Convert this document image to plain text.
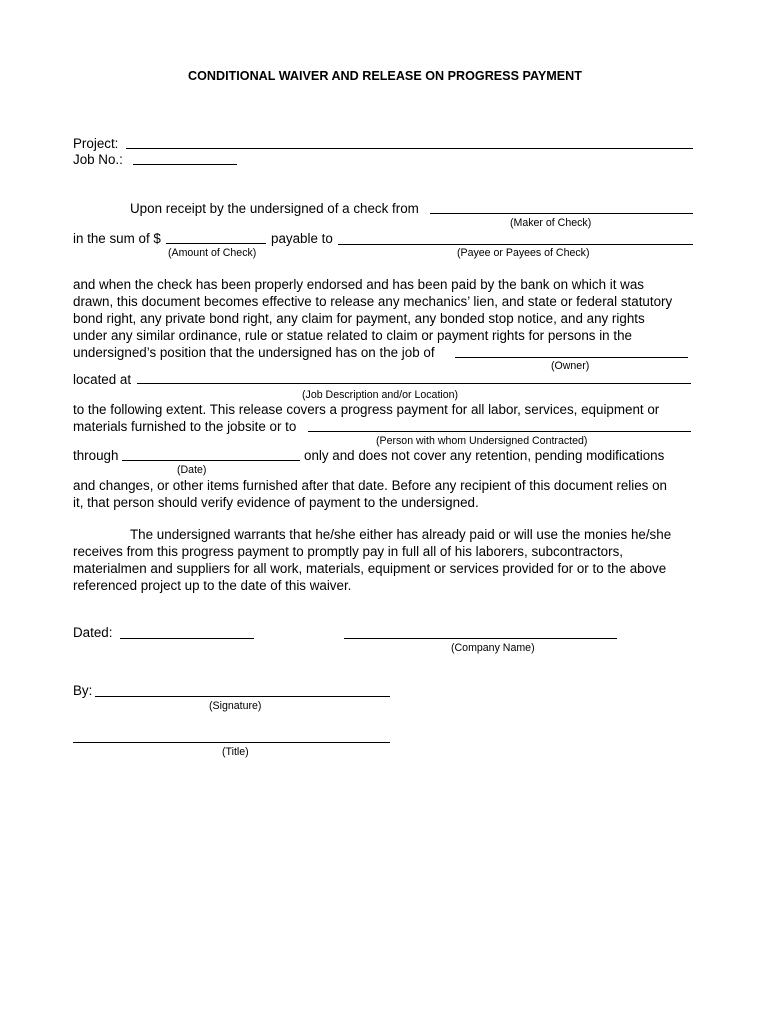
CONDITIONAL WAIVER AND RELEASE ON PROGRESS PAYMENT
Project:
Job No.:
Upon receipt by the undersigned of a check from
(Maker of Check)
in the sum of $	payable to
(Amount of Check)	(Payee or Payees of Check)
and when the check has been properly endorsed and has been paid by the bank on which it was
drawn, this document becomes effective to release any mechanics’ lien, and state or federal statutory
bond right, any private bond right, any claim for payment, any bonded stop notice, and any rights
under any similar ordinance, rule or statue related to claim or payment rights for persons in the
undersigned’s position that the undersigned has on the job of
(Owner)
located at
(Job Description and/or Location)
to the following extent. This release covers a progress payment for all labor, services, equipment or
materials furnished to the jobsite or to
(Person with whom Undersigned Contracted)
through	only and does not cover any retention, pending modifications
(Date)
and changes, or other items furnished after that date. Before any recipient of this document relies on
it, that person should verify evidence of payment to the undersigned.
The undersigned warrants that he/she either has already paid or will use the monies he/she
receives from this progress payment to promptly pay in full all of his laborers, subcontractors,
materialmen and suppliers for all work, materials, equipment or services provided for or to the above
referenced project up to the date of this waiver.
Dated:
(Company Name)
By:
(Signature)
(Title)
